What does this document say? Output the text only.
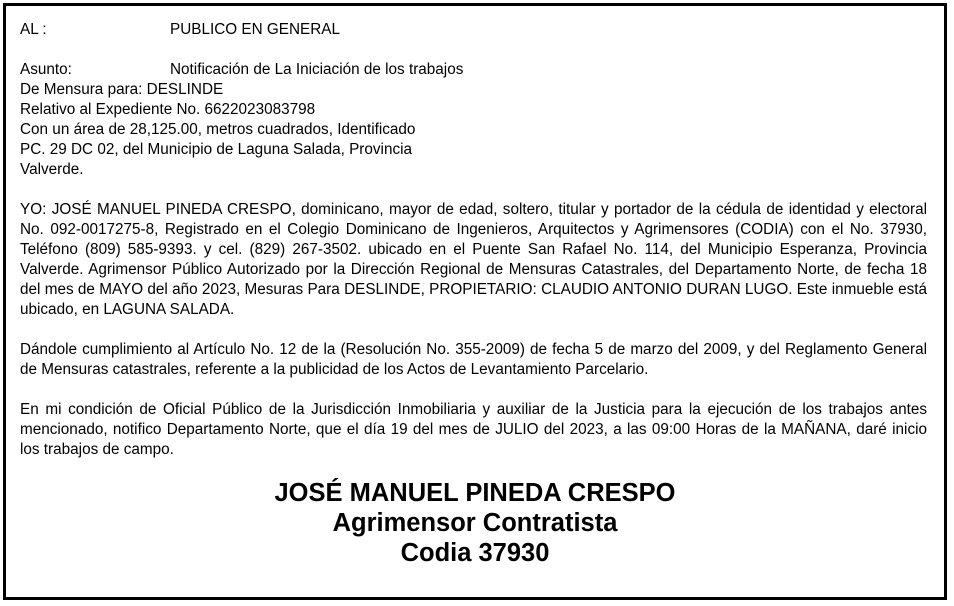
AL :	PUBLICO EN GENERAL
Asunto:	Notificación de La Iniciación de los trabajos
De Mensura para: DESLINDE
Relativo al Expediente No. 6622023083798
Con un área de 28,125.00, metros cuadrados, Identificado
PC. 29 DC 02, del Municipio de Laguna Salada, Provincia
Valverde.
YO: JOSÉ MANUEL PINEDA CRESPO, dominicano, mayor de edad, soltero, titular y portador de la cédula de identidad y electoral No. 092-0017275-8, Registrado en el Colegio Dominicano de Ingenieros, Arquitectos y Agrimensores (CODIA) con el No. 37930, Teléfono (809) 585-9393. y cel. (829) 267-3502. ubicado en el Puente San Rafael No. 114, del Municipio Esperanza, Provincia Valverde. Agrimensor Público Autorizado por la Dirección Regional de Mensuras Catastrales, del Departamento Norte, de fecha 18 del mes de MAYO del año 2023, Mesuras Para DESLINDE, PROPIETARIO: CLAUDIO ANTONIO DURAN LUGO. Este inmueble está ubicado, en LAGUNA SALADA.
Dándole cumplimiento al Artículo No. 12 de la (Resolución No. 355-2009) de fecha 5 de marzo del 2009, y del Reglamento General de Mensuras catastrales, referente a la publicidad de los Actos de Levantamiento Parcelario.
En mi condición de Oficial Público de la Jurisdicción Inmobiliaria y auxiliar de la Justicia para la ejecución de los trabajos antes mencionado, notifico Departamento Norte, que el día 19 del mes de JULIO del 2023, a las 09:00 Horas de la MAÑANA, daré inicio los trabajos de campo.
JOSÉ MANUEL PINEDA CRESPO
Agrimensor Contratista
Codia 37930
